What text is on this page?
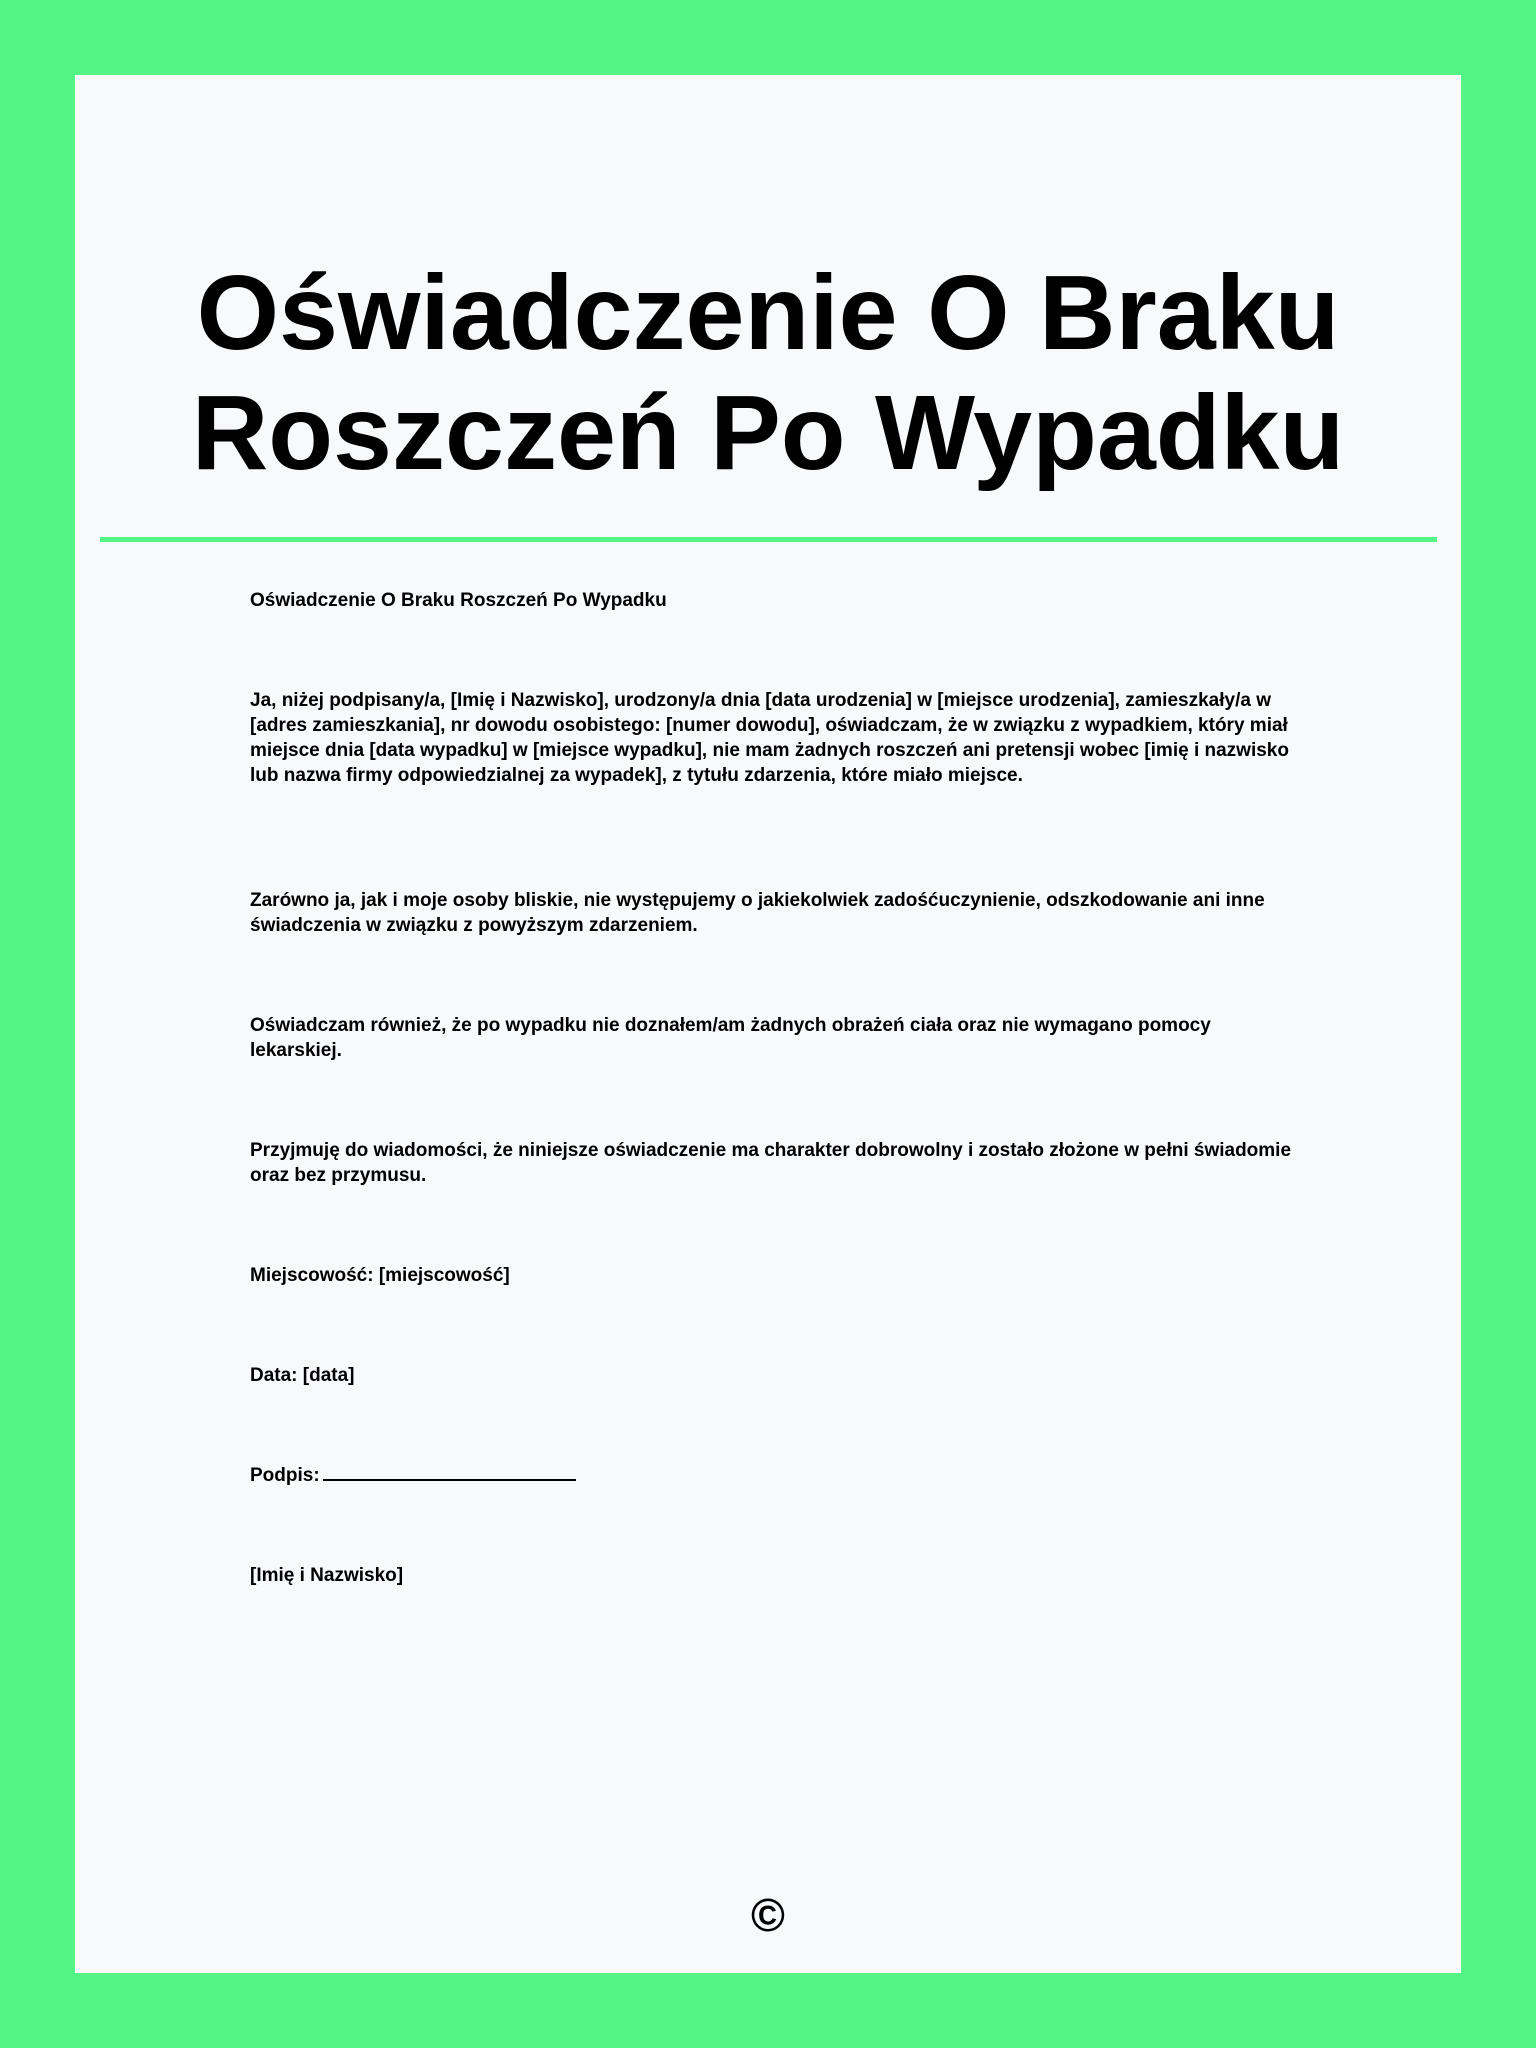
Oświadczenie O Braku Roszczeń Po Wypadku

Oświadczenie O Braku Roszczeń Po Wypadku

Ja, niżej podpisany/a, [Imię i Nazwisko], urodzony/a dnia [data urodzenia] w [miejsce urodzenia], zamieszkały/a w [adres zamieszkania], nr dowodu osobistego: [numer dowodu], oświadczam, że w związku z wypadkiem, który miał miejsce dnia [data wypadku] w [miejsce wypadku], nie mam żadnych roszczeń ani pretensji wobec [imię i nazwisko lub nazwa firmy odpowiedzialnej za wypadek], z tytułu zdarzenia, które miało miejsce.

Zarówno ja, jak i moje osoby bliskie, nie występujemy o jakiekolwiek zadośćuczynienie, odszkodowanie ani inne świadczenia w związku z powyższym zdarzeniem.

Oświadczam również, że po wypadku nie doznałem/am żadnych obrażeń ciała oraz nie wymagano pomocy lekarskiej.

Przyjmuję do wiadomości, że niniejsze oświadczenie ma charakter dobrowolny i zostało złożone w pełni świadomie oraz bez przymusu.

Miejscowość: [miejscowość]

Data: [data]

Podpis:

[Imię i Nazwisko]

©
